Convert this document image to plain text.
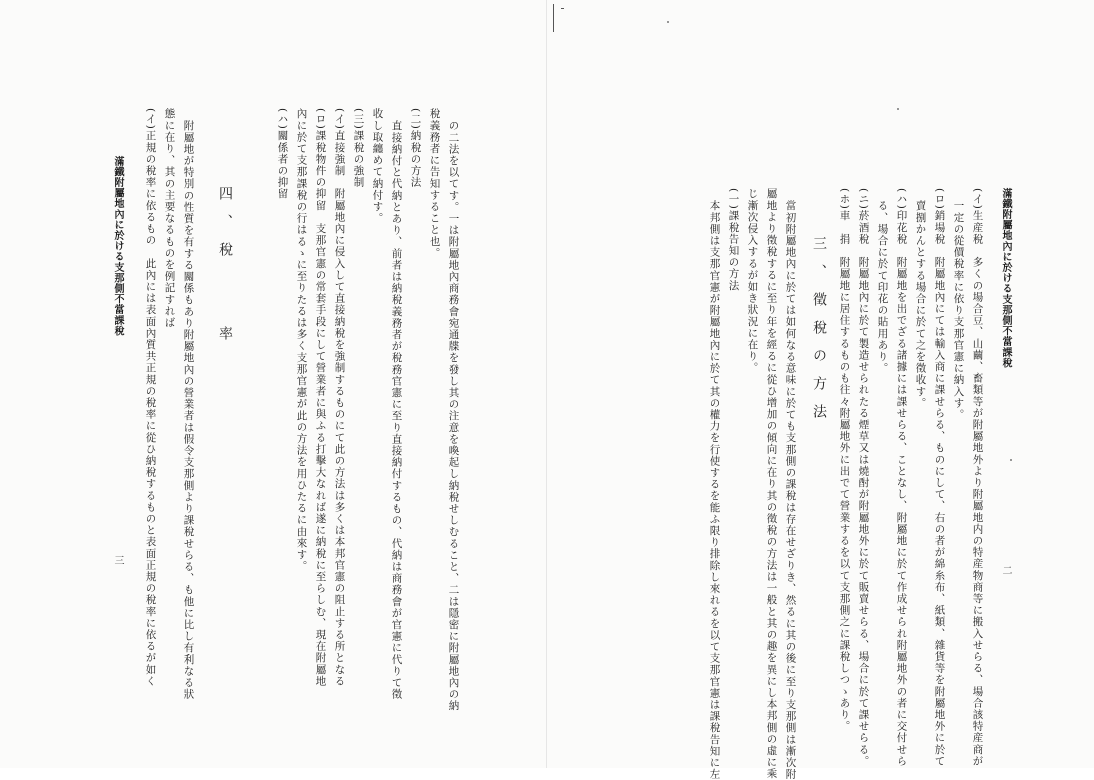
滿鐵附屬地內に於ける支那側不當課稅
二
(イ)生産稅　多くの場合豆、山繭、畜類等が附屬地外より附屬地内の特産物商等に搬入せらる、場合該特産商が
一定の從價稅率に依り支那官憲に納入す。
(ロ)銷場稅　附屬地內にては輸入商に課せらる、ものにして、右の者が綿糸布、紙類、雜貨等を附屬地外に於て
賣捌かんとする場合に於て之を徵收す。
(ハ)印花稅　附屬地を出でざる諸據には課せらる、ことなし、附屬地に於て作成せられ附屬地外の者に交付せら
る、場合に於て印花の貼用あり。
(ニ)菸酒稅　附屬地內に於て製造せられたる煙草又は燒酎が附屬地外に於て販賣せらる、場合に於て課せらる。
(ホ)車　捐　附屬地に居住するものも往々附屬地外に出でて營業するを以て支那側之に課稅しつゝあり。
三、徵稅の方法
當初附屬地內に於ては如何なる意味に於ても支那側の課稅は存在せざりき、然るに其の後に至り支那側は漸次附
屬地より徵稅するに至り年を經るに從ひ增加の傾向に在り其の徵稅の方法は一般と其の趣を異にし本邦側の虛に乘
じ漸次侵入するが如き狀況に在り。
(一)課稅告知の方法
本邦側は支那官憲が附屬地內に於て其の權力を行使するを能ふ限り排除し來れるを以て支那官憲は課稅告知に左
の二法を以てす。一は附屬地內商務會宛通牒を發し其の注意を喚起し納稅せしむること、二は隱密に附屬地內の納
稅義務者に告知すること也。
(二)納稅の方法
直接納付と代納とあり、前者は納稅義務者が稅務官憲に至り直接納付するもの、代納は商務會が官憲に代りて徵
收し取纏めて納付す。
(三)課稅の強制
(イ)直接強制　附屬地內に侵入して直接納稅を強制するものにて此の方法は多くは本邦官憲の阻止する所となる
(ロ)課稅物件の抑留　支那官憲の常套手段にして營業者に與ふる打擊大なれば遂に納稅に至らしむ、現在附屬地
內に於て支那課稅の行はるゝに至りたるは多く支那官憲が此の方法を用ひたるに由來す。
(ハ)關係者の抑留
四、稅　　率
附屬地が特別の性質を有する關係もあり附屬地內の營業者は假令支那側より課稅せらる、も他に比し有利なる狀
態に在り、其の主要なるものを例記すれば
(イ)正規の稅率に依るもの　此內には表面內質共正規の稅率に從ひ納稅するものと表面正規の稅率に依るが如く
滿鐵附屬地內に於ける支那側不當課稅
三
